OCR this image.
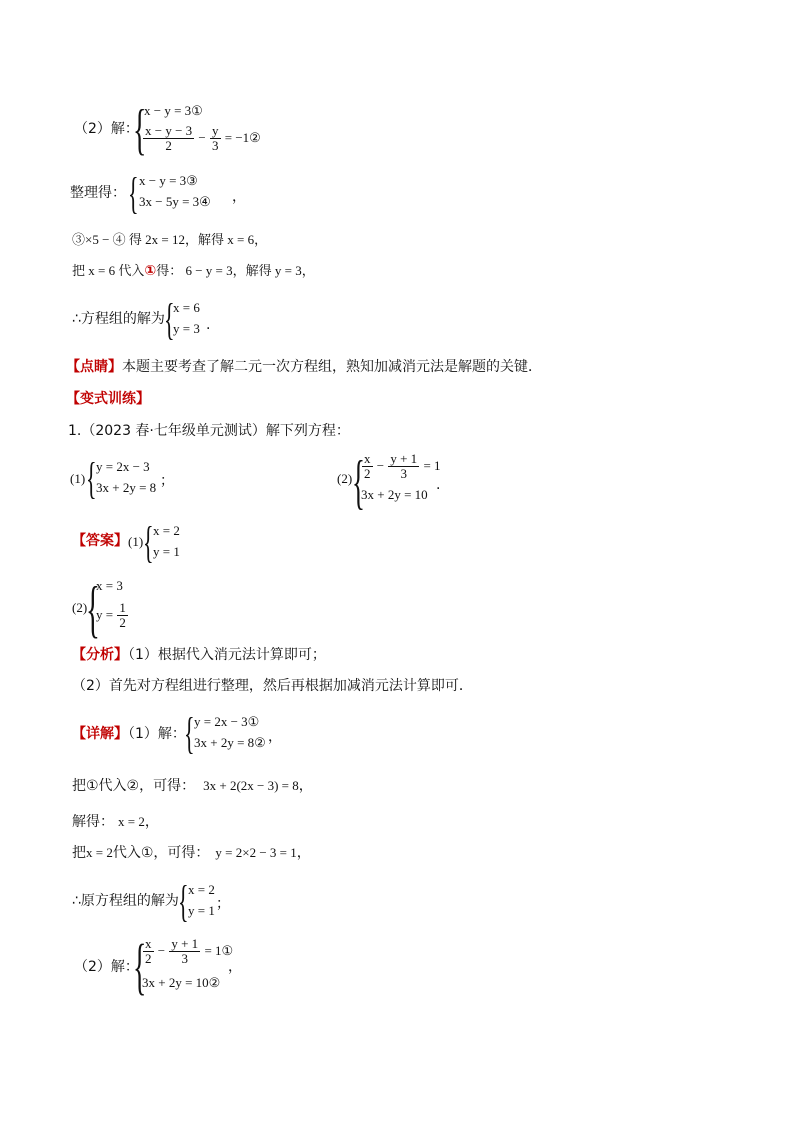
（2）解：
{
x − y = 3①
$\frac{x - y - 3}{2} - \frac{y}{3}$ = −1②
整理得： { x − y = 3③
3x − 5y = 3④ ，
③×5 − ④ 得 2x = 12，解得 x = 6，
把 x = 6 代入①得： 6 − y = 3，解得 y = 3，
∴方程组的解为 {
x = 6
y = 3 .
【点睛】本题主要考查了解二元一次方程组，熟知加减消元法是解题的关键．
【变式训练】
1.（2023 春·七年级单元测试）解下列方程：
(1) { y = 2x − 3
3x + 2y = 8 ；	(2) {
$\frac{x}{2} - \frac{y + 1}{3} = 1$
3x + 2y = 10
.
【答案】 (1) { x = 2
y = 1
(2)
{
x = 3
$y = \frac{1}{2}$
【分析】（1）根据代入消元法计算即可；
（2）首先对方程组进行整理，然后再根据加减消元法计算即可．
【详解】（1）解：
{ y = 2x − 3①
3x + 2y = 8② ，
把①代入②，可得： 3x + 2(2x − 3) = 8，
解得： x = 2，
把x = 2代入①，可得： y = 2×2 − 3 = 1，
∴原方程组的解为 { x = 2
y = 1 ；
（2）解：
{
$\frac{x}{2} - \frac{y + 1}{3}$ = 1①
3x + 2y = 10②
，
